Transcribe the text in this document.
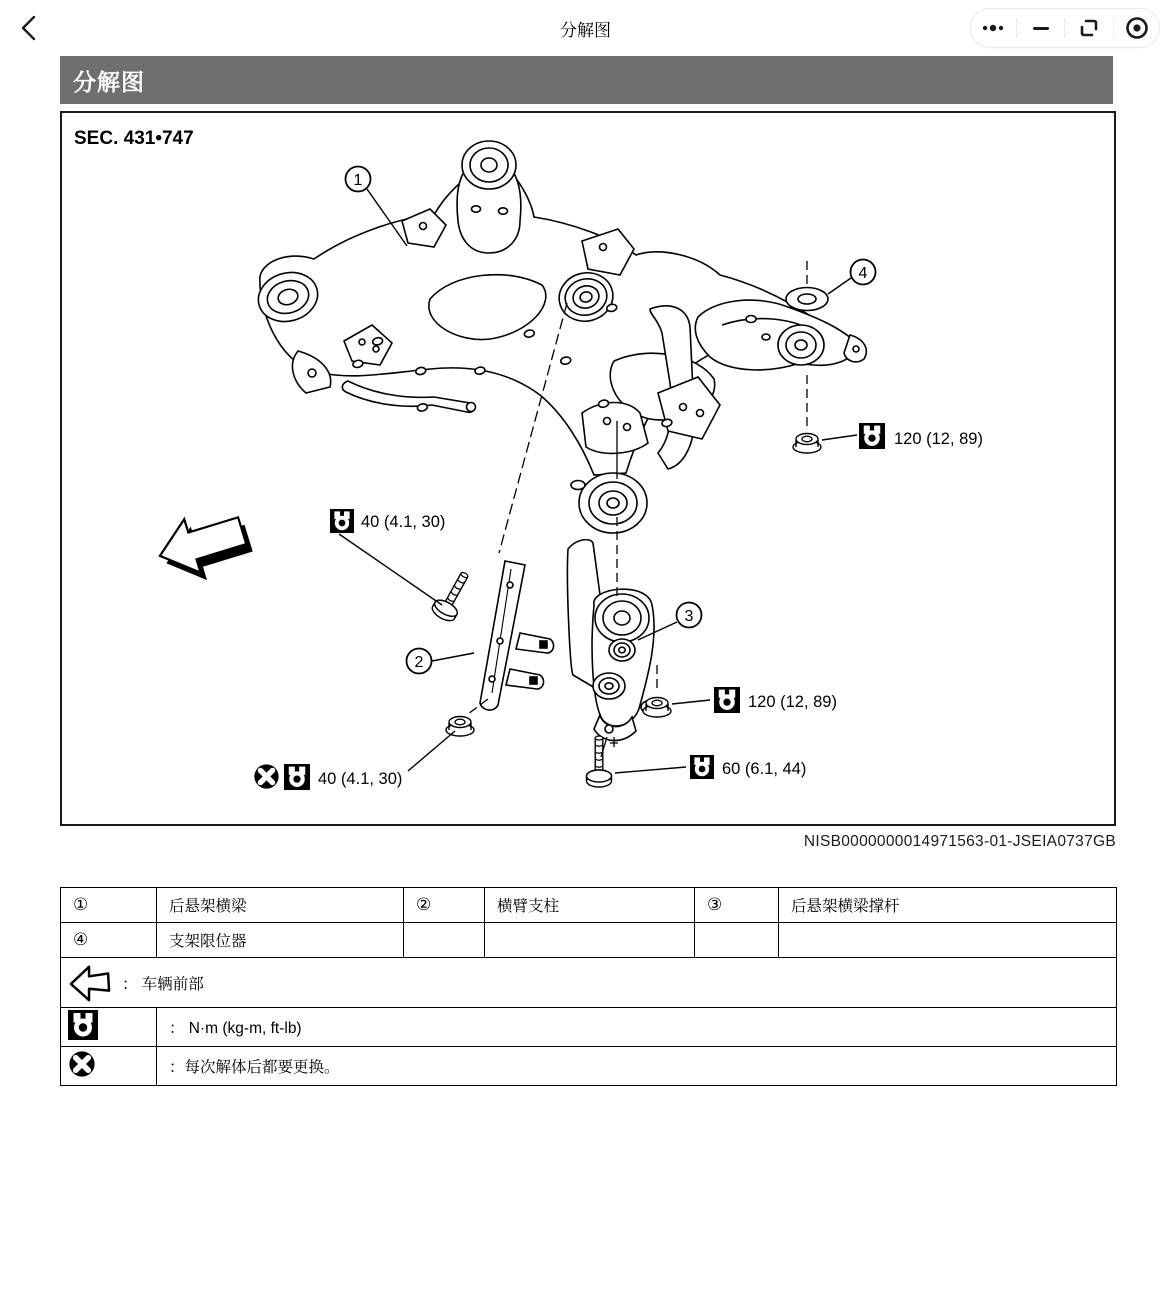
分解图
分解图
SEC. 431•747
1
2
3
4
120 (12, 89)
40 (4.1, 30)
40 (4.1, 30)
120 (12, 89)
60 (6.1, 44)
NISB0000000014971563-01-JSEIA0737GB
①	后悬架横梁	②	横臂支柱	③	后悬架横梁撑杆
④	支架限位器				

： 车辆前部					

	： N·m (kg-m, ft-lb)				
	：每次解体后都要更换。				
